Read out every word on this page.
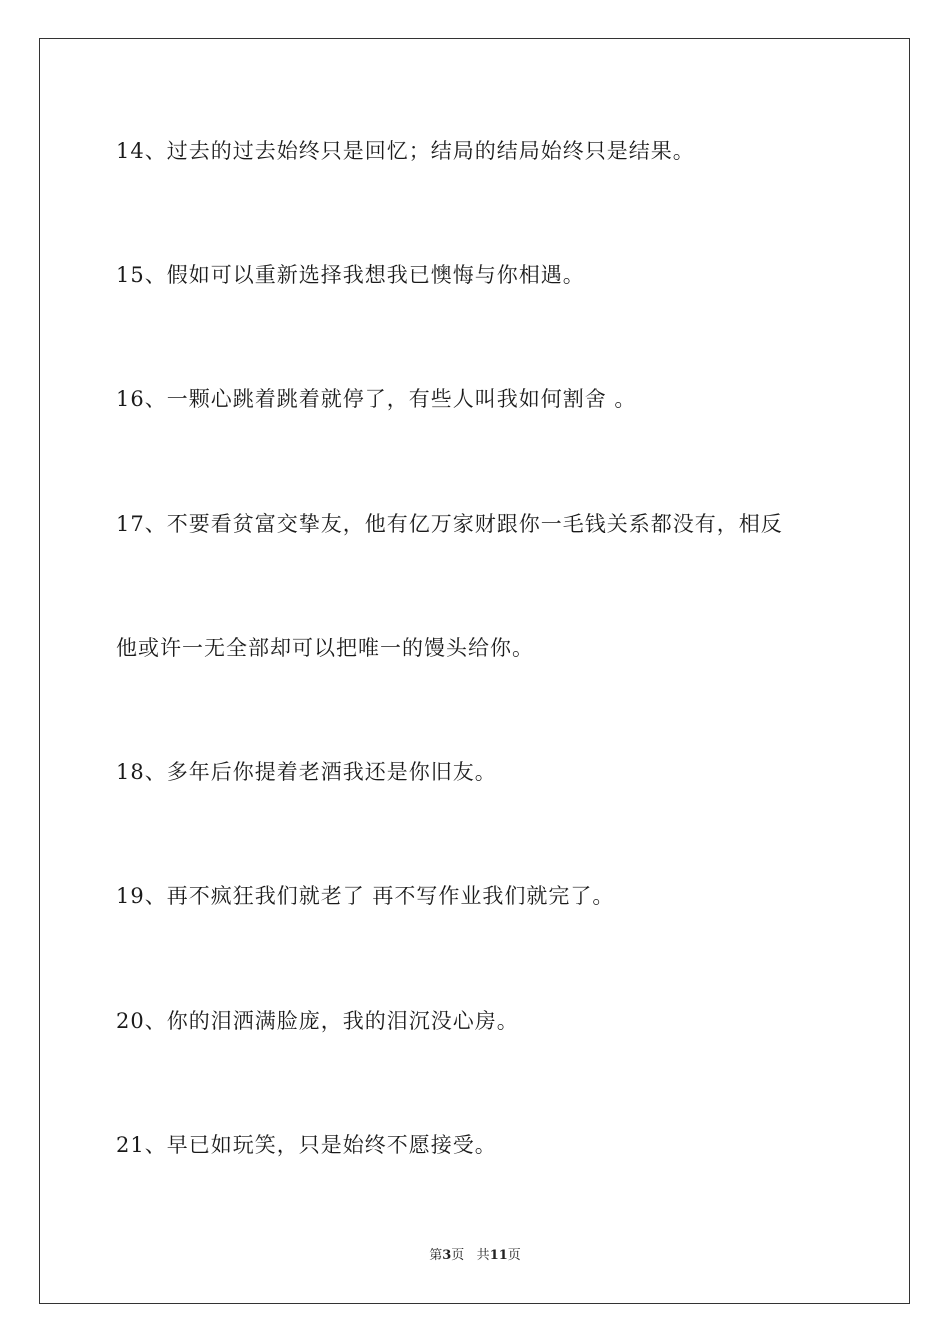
14、过去的过去始终只是回忆；结局的结局始终只是结果。
15、假如可以重新选择我想我已懊悔与你相遇。
16、一颗心跳着跳着就停了，有些人叫我如何割舍 。
17、不要看贫富交挚友，他有亿万家财跟你一毛钱关系都没有，相反
他或许一无全部却可以把唯一的馒头给你。
18、多年后你提着老酒我还是你旧友。
19、再不疯狂我们就老了 再不写作业我们就完了。
20、你的泪洒满脸庞，我的泪沉没心房。
21、早已如玩笑，只是始终不愿接受。
第3页 共11页
